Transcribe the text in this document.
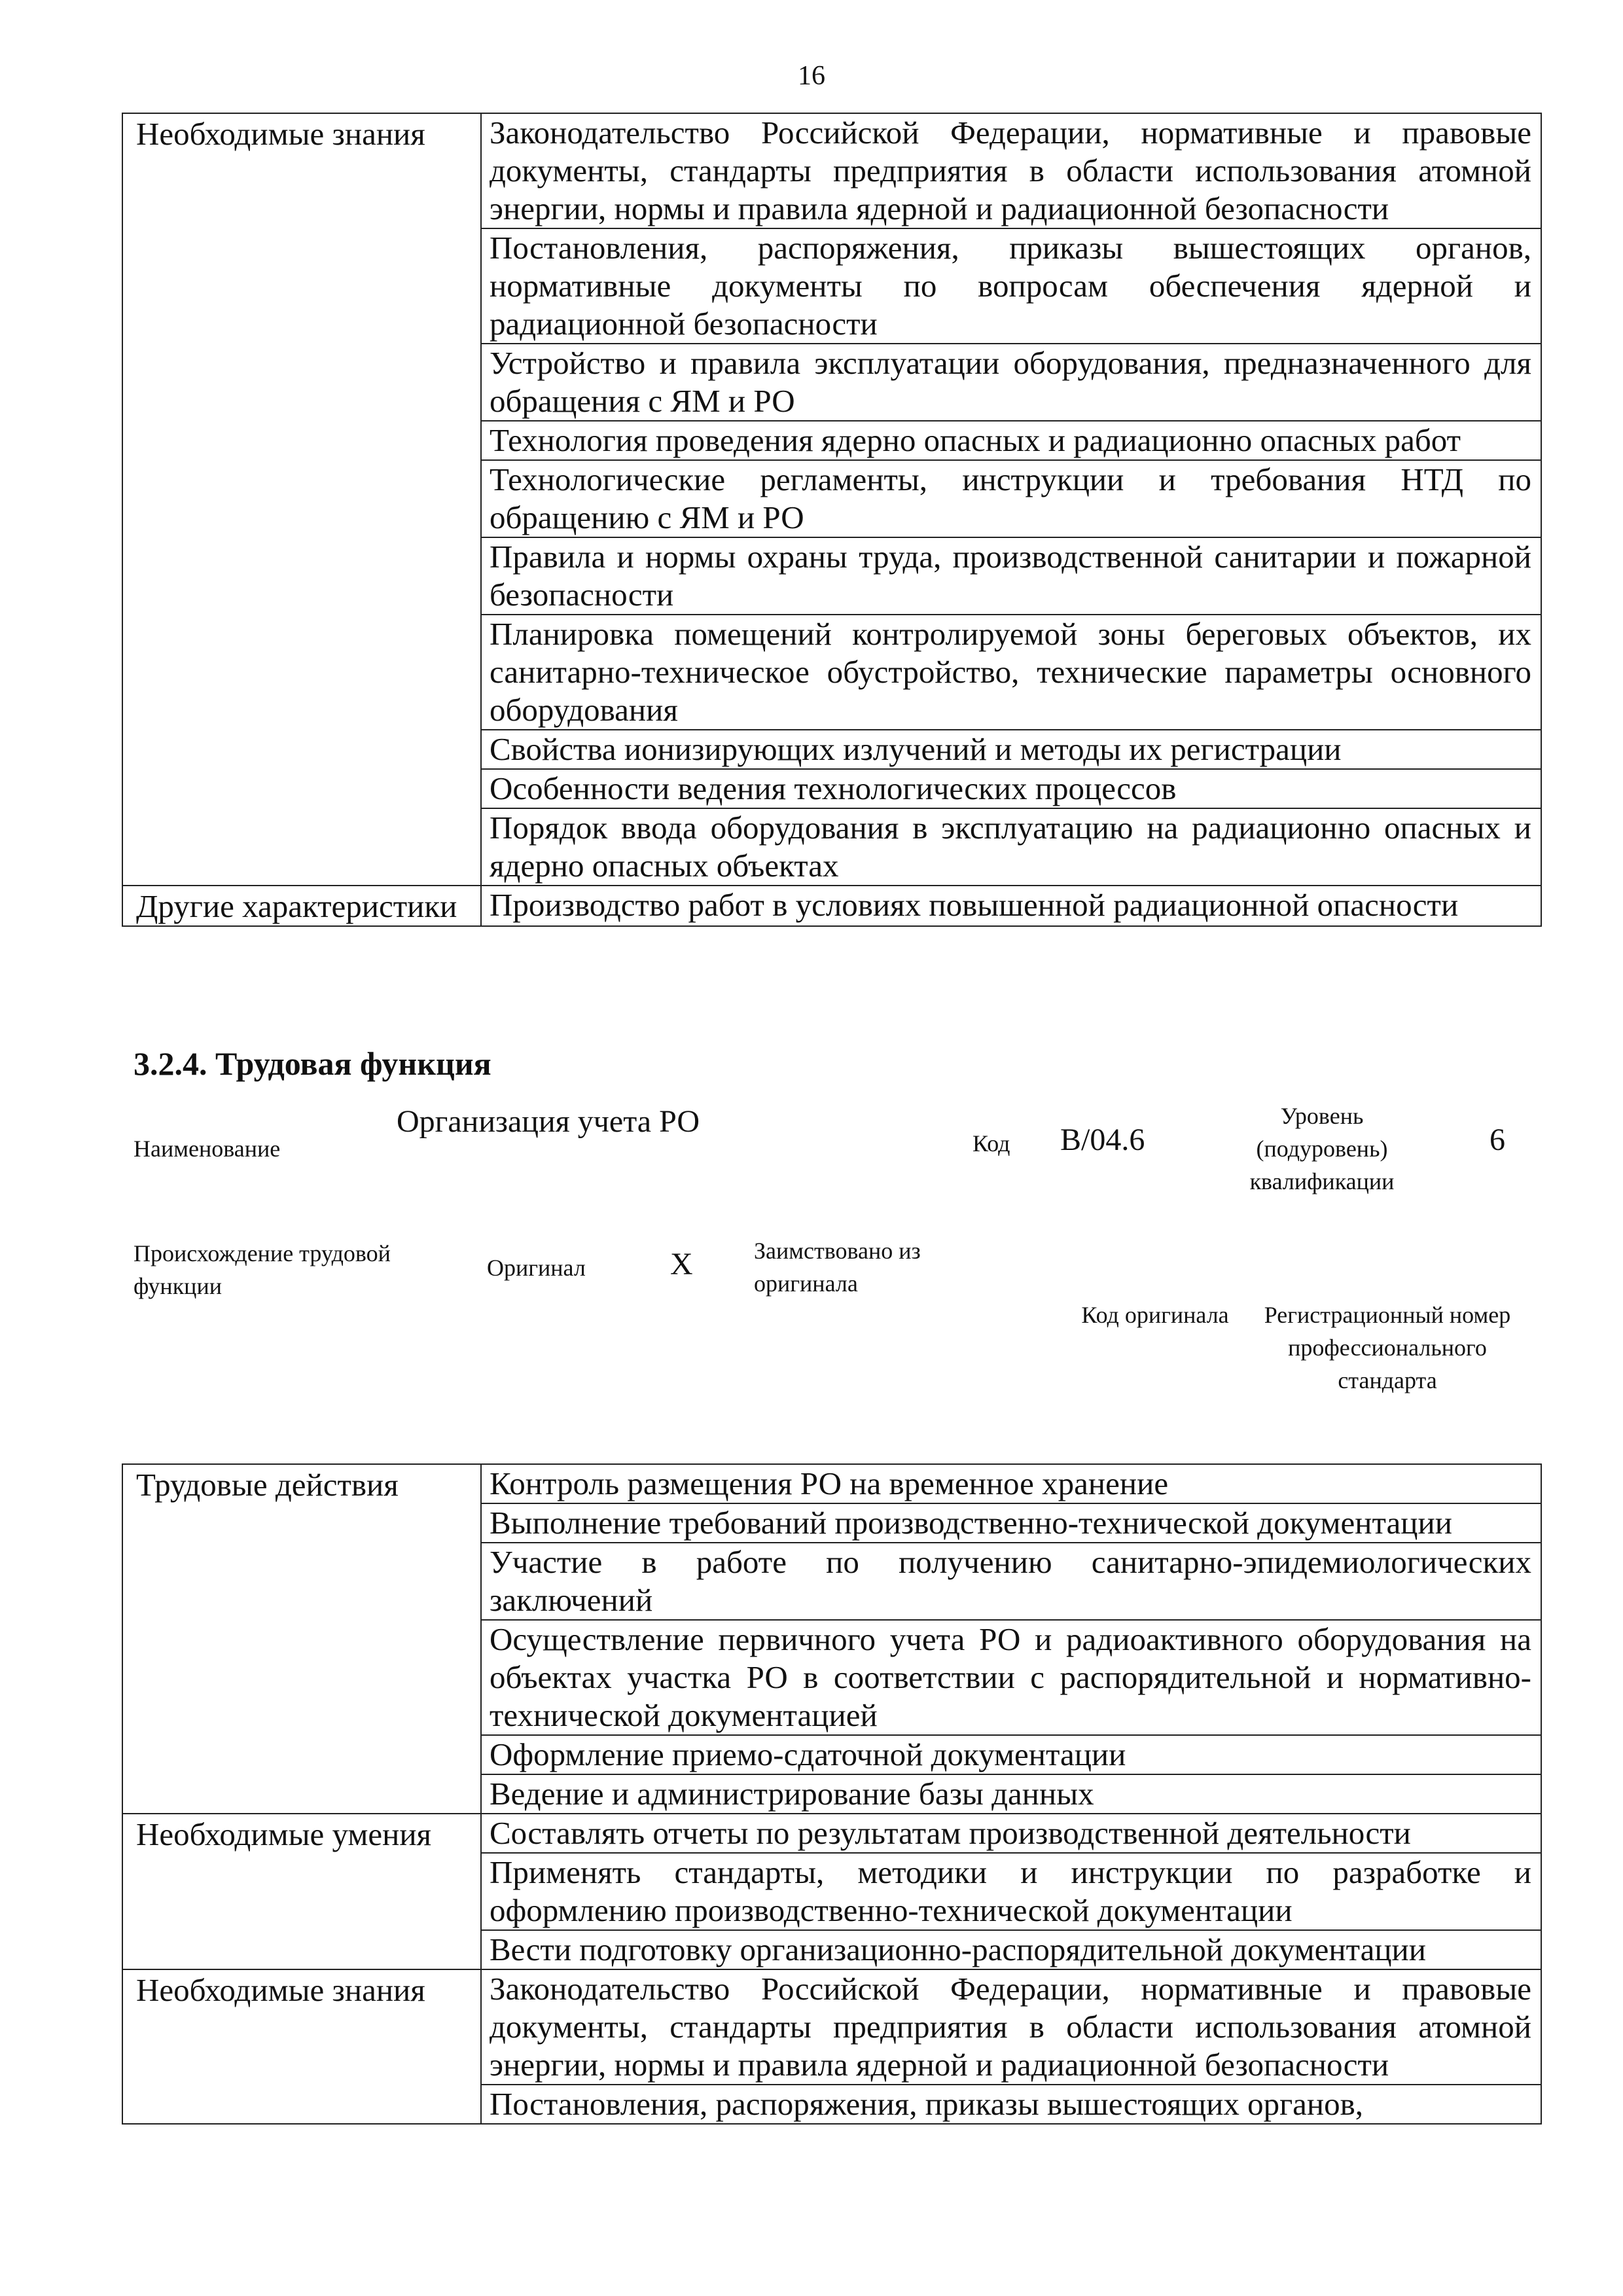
16
Необходимые знания	Законодательство Российской Федерации, нормативные и правовые документы, стандарты предприятия в области использования атомной энергии, нормы и правила ядерной и радиационной безопасности
	Постановления, распоряжения, приказы вышестоящих органов, нормативные документы по вопросам обеспечения ядерной и радиационной безопасности
	Устройство и правила эксплуатации оборудования, предназначенного для обращения с ЯМ и РО
	Технология проведения ядерно опасных и радиационно опасных работ
	Технологические регламенты, инструкции и требования НТД по обращению с ЯМ и РО
	Правила и нормы охраны труда, производственной санитарии и пожарной безопасности
	Планировка помещений контролируемой зоны береговых объектов, их санитарно-техническое обустройство, технические параметры основного оборудования
	Свойства ионизирующих излучений и методы их регистрации
	Особенности ведения технологических процессов
	Порядок ввода оборудования в эксплуатацию на радиационно опасных и ядерно опасных объектах
Другие характеристики	Производство работ в условиях повышенной радиационной опасности
3.2.4. Трудовая функция
Наименование
Организация учета РО
Код B/04.6
Уровень (подуровень) квалификации
6
Происхождение трудовой функции
Оригинал	X	Заимствовано из оригинала
Код оригинала Регистрационный номер профессионального стандарта
Трудовые действия	Контроль размещения РО на временное хранение
	Выполнение требований производственно-технической документации
	Участие в работе по получению санитарно-эпидемиологических заключений
	Осуществление первичного учета РО и радиоактивного оборудования на объектах участка РО в соответствии с распорядительной и нормативно-технической документацией
	Оформление приемо-сдаточной документации
	Ведение и администрирование базы данных
Необходимые умения	Составлять отчеты по результатам производственной деятельности
	Применять стандарты, методики и инструкции по разработке и оформлению производственно-технической документации
	Вести подготовку организационно-распорядительной документации
Необходимые знания	Законодательство Российской Федерации, нормативные и правовые документы, стандарты предприятия в области использования атомной энергии, нормы и правила ядерной и радиационной безопасности
	Постановления, распоряжения, приказы вышестоящих органов,
